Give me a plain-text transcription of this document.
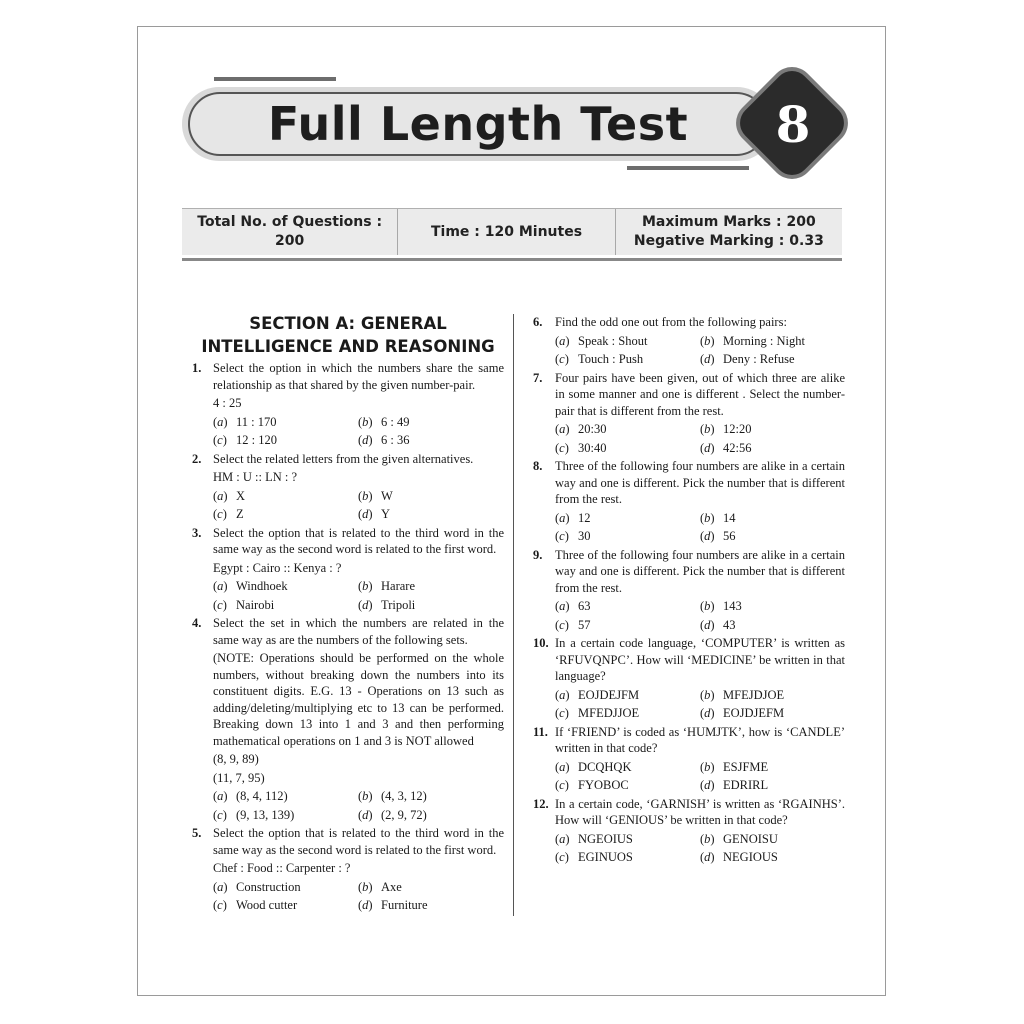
Full Length Test	8
Total No. of Questions : 200
Time : 120 Minutes
Maximum Marks : 200
Negative Marking : 0.33
SECTION A: GENERAL
INTELLIGENCE AND REASONING
1. Select the option in which the numbers share the same relationship as that shared by the given number-pair.
4 : 25
(a) 11 : 170	(b) 6 : 49
(c) 12 : 120	(d) 6 : 36
2. Select the related letters from the given alternatives.
HM : U :: LN : ?
(a) X	(b) W
(c) Z	(d) Y
3. Select the option that is related to the third word in the same way as the second word is related to the first word.
Egypt : Cairo :: Kenya : ?
(a) Windhoek	(b) Harare
(c) Nairobi	(d) Tripoli
4. Select the set in which the numbers are related in the same way as are the numbers of the following sets.
(NOTE: Operations should be performed on the whole numbers, without breaking down the numbers into its constituent digits. E.G. 13 - Operations on 13 such as adding/deleting/multiplying etc to 13 can be performed. Breaking down 13 into 1 and 3 and then performing mathematical operations on 1 and 3 is NOT allowed
(8, 9, 89)
(11, 7, 95)
(a) (8, 4, 112)	(b) (4, 3, 12)
(c) (9, 13, 139)	(d) (2, 9, 72)
5. Select the option that is related to the third word in the same way as the second word is related to the first word.
Chef : Food :: Carpenter : ?
(a) Construction	(b) Axe
(c) Wood cutter	(d) Furniture
6.	Find the odd one out from the following pairs:
(a) Speak : Shout	(b) Morning : Night
(c) Touch : Push	(d) Deny : Refuse
7.	Four pairs have been given, out of which three are alike in some manner and one is different . Select the number-pair that is different from the rest.
(a) 20:30	(b) 12:20
(c) 30:40	(d) 42:56
8.	Three of the following four numbers are alike in a certain way and one is different. Pick the number that is different from the rest.
(a) 12	(b) 14
(c) 30	(d) 56
9.	Three of the following four numbers are alike in a certain way and one is different. Pick the number that is different from the rest.
(a) 63	(b) 143
(c) 57	(d) 43
10. In a certain code language, ‘COMPUTER’ is written as ‘RFUVQNPC’. How will ‘MEDICINE’ be written in that language?
(a) EOJDEJFM	(b) MFEJDJOE
(c) MFEDJJOE	(d) EOJDJEFM
11. If ‘FRIEND’ is coded as ‘HUMJTK’, how is ‘CANDLE’ written in that code?
(a) DCQHQK	(b) ESJFME
(c) FYOBOC	(d) EDRIRL
12. In a certain code, ‘GARNISH’ is written as ‘RGAINHS’. How will ‘GENIOUS’ be written in that code?
(a) NGEOIUS	(b) GENOISU
(c) EGINUOS	(d) NEGIOUS
